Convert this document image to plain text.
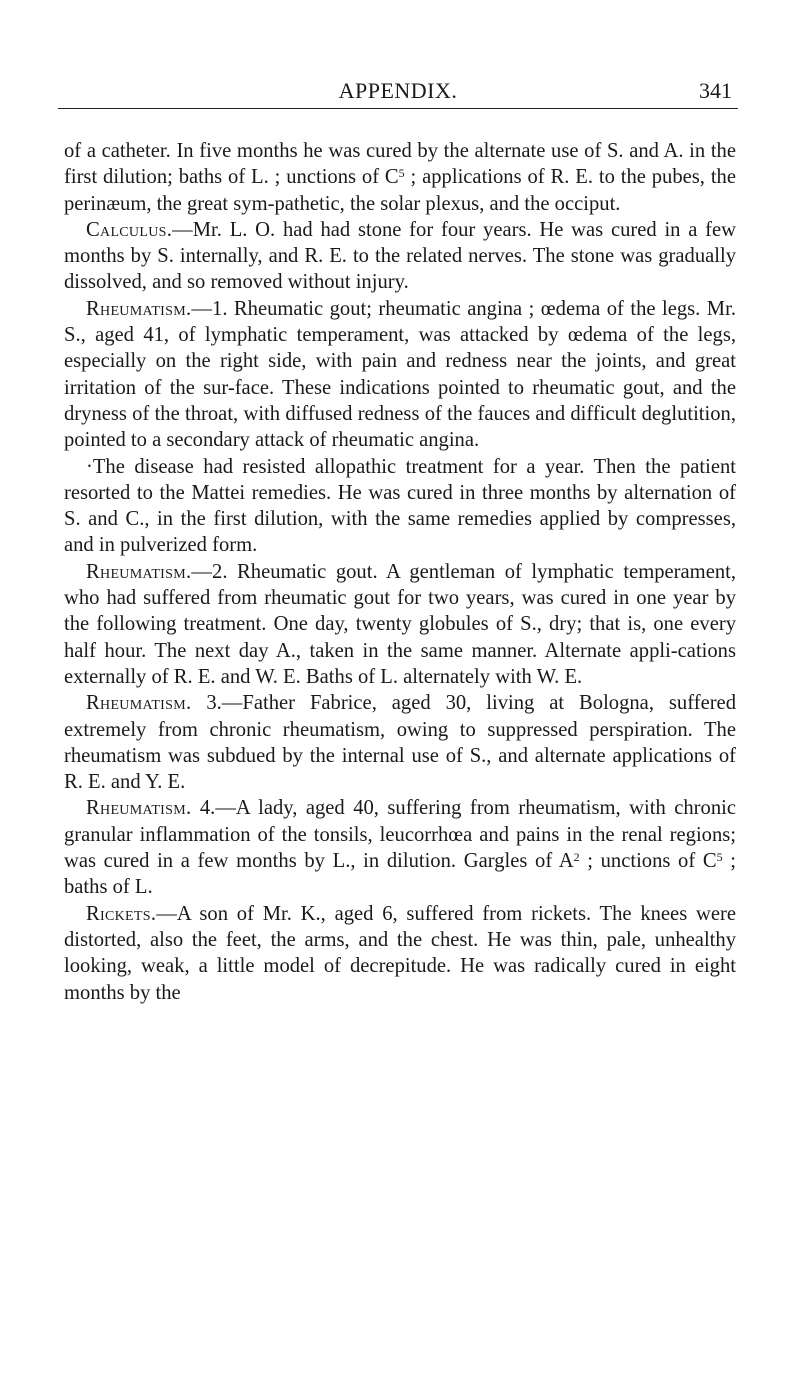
APPENDIX.	341

of a catheter. In five months he was cured by the alternate use of S. and A. in the first dilution; baths of L. ; unctions of $C^5$ ; applications of R. E. to the pubes, the perinæum, the great sym-pathetic, the solar plexus, and the occiput.

Calculus.—Mr. L. O. had had stone for four years. He was cured in a few months by S. internally, and R. E. to the related nerves. The stone was gradually dissolved, and so removed without injury.

Rheumatism.—1. Rheumatic gout; rheumatic angina ; œdema of the legs. Mr. S., aged 41, of lymphatic temperament, was attacked by œdema of the legs, especially on the right side, with pain and redness near the joints, and great irritation of the sur-face. These indications pointed to rheumatic gout, and the dryness of the throat, with diffused redness of the fauces and difficult deglutition, pointed to a secondary attack of rheumatic angina.

·The disease had resisted allopathic treatment for a year. Then the patient resorted to the Mattei remedies. He was cured in three months by alternation of S. and C., in the first dilution, with the same remedies applied by compresses, and in pulverized form.

Rheumatism.—2. Rheumatic gout. A gentleman of lymphatic temperament, who had suffered from rheumatic gout for two years, was cured in one year by the following treatment. One day, twenty globules of S., dry; that is, one every half hour. The next day A., taken in the same manner. Alternate appli-cations externally of R. E. and W. E. Baths of L. alternately with W. E.

Rheumatism. 3.—Father Fabrice, aged 30, living at Bologna, suffered extremely from chronic rheumatism, owing to suppressed perspiration. The rheumatism was subdued by the internal use of S., and alternate applications of R. E. and Y. E.

Rheumatism. 4.—A lady, aged 40, suffering from rheumatism, with chronic granular inflammation of the tonsils, leucorrhœa and pains in the renal regions; was cured in a few months by L., in dilution. Gargles of $A^2$ ; unctions of $C^5$ ; baths of L.

Rickets.—A son of Mr. K., aged 6, suffered from rickets. The knees were distorted, also the feet, the arms, and the chest. He was thin, pale, unhealthy looking, weak, a little model of decrepitude. He was radically cured in eight months by the
